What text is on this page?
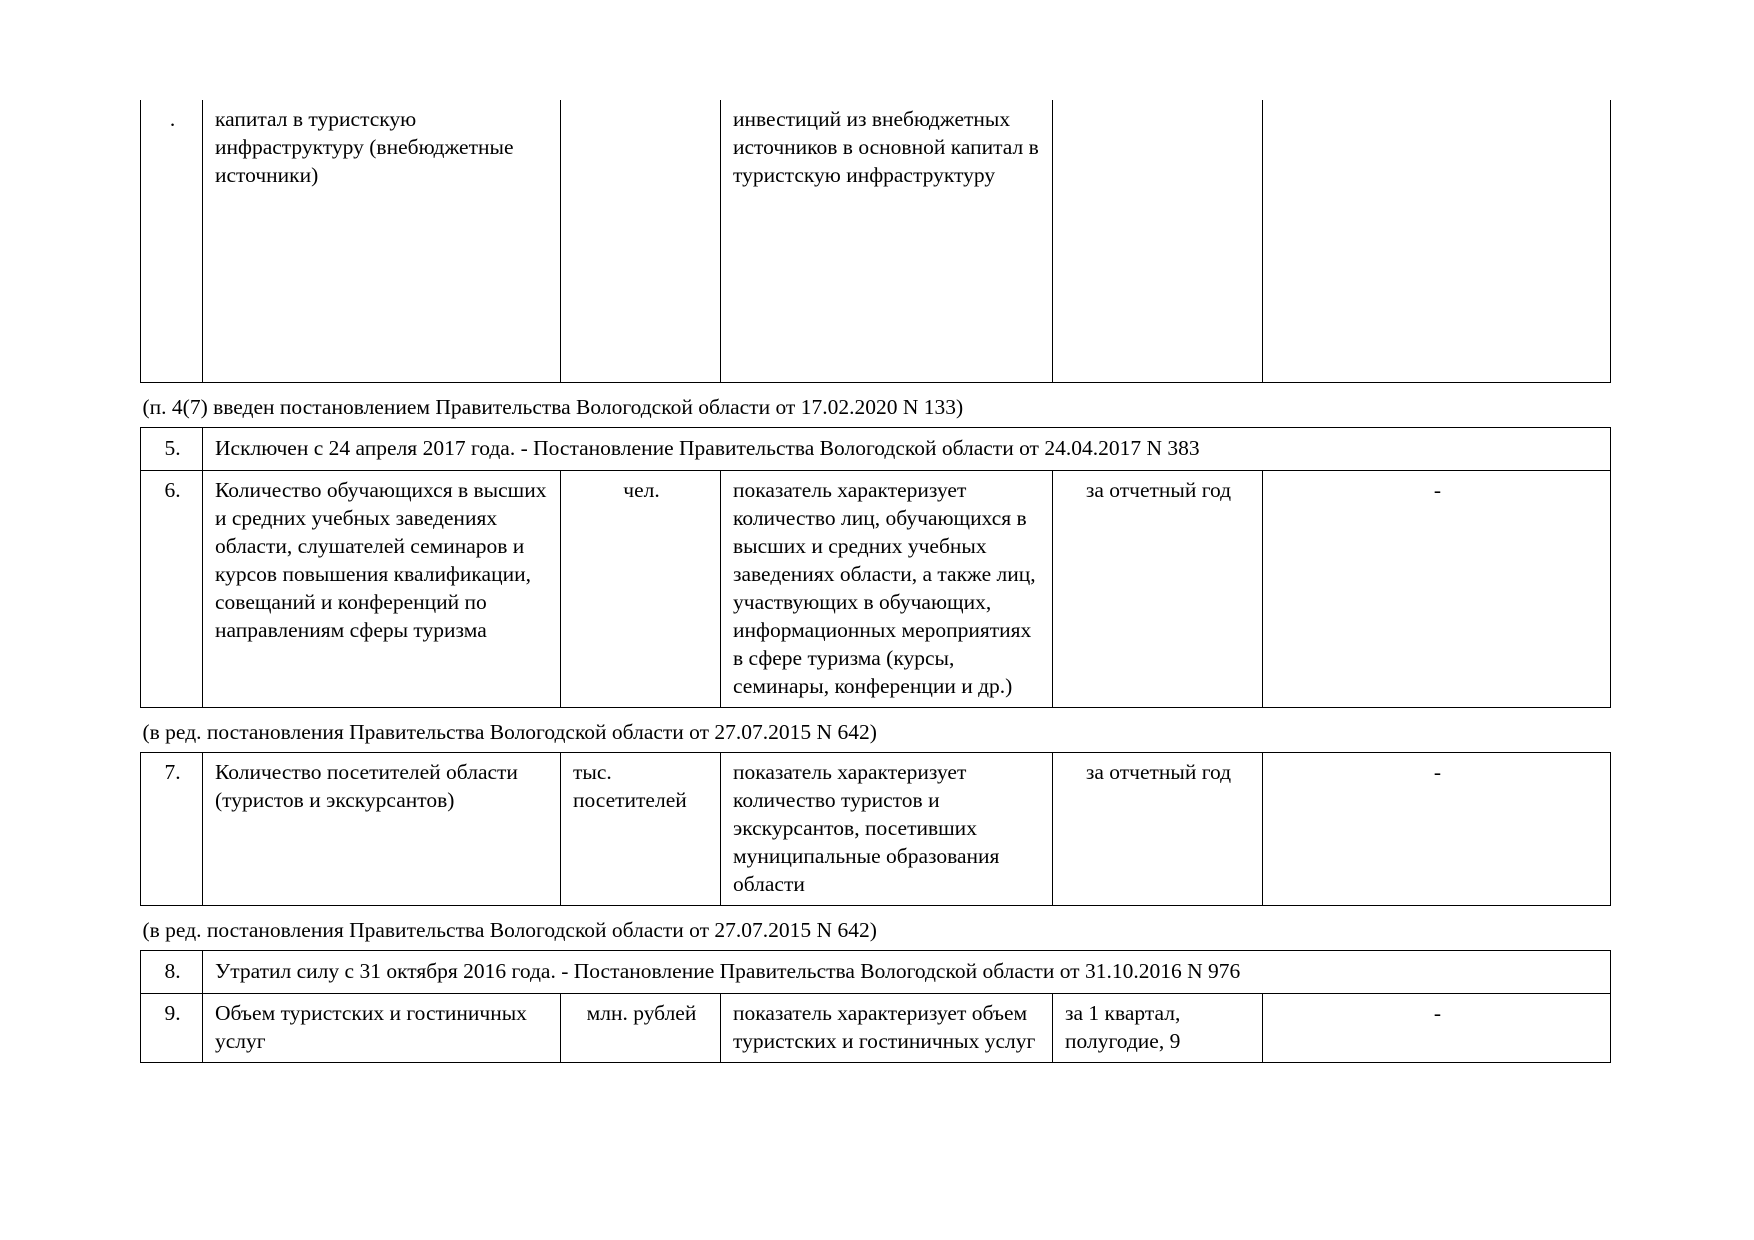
.	капитал в туристскую инфраструктуру (внебюджетные источники)		инвестиций из внебюджетных источников в основной капитал в туристскую инфраструктуру		
(п. 4(7) введен постановлением Правительства Вологодской области от 17.02.2020 N 133)					
5.	Исключен с 24 апреля 2017 года. - Постановление Правительства Вологодской области от 24.04.2017 N 383				
6.	Количество обучающихся в высших и средних учебных заведениях области, слушателей семинаров и курсов повышения квалификации, совещаний и конференций по направлениям сферы туризма	чел.	показатель характеризует количество лиц, обучающихся в высших и средних учебных заведениях области, а также лиц, участвующих в обучающих, информационных мероприятиях в сфере туризма (курсы, семинары, конференции и др.)	за отчетный год	-
(в ред. постановления Правительства Вологодской области от 27.07.2015 N 642)					
7.	Количество посетителей области (туристов и экскурсантов)	тыс. посетителей	показатель характеризует количество туристов и экскурсантов, посетивших муниципальные образования области	за отчетный год	-
(в ред. постановления Правительства Вологодской области от 27.07.2015 N 642)					
8.	Утратил силу с 31 октября 2016 года. - Постановление Правительства Вологодской области от 31.10.2016 N 976				
9.	Объем туристских и гостиничных услуг	млн. рублей	показатель характеризует объем туристских и гостиничных услуг	за 1 квартал, полугодие, 9	-
